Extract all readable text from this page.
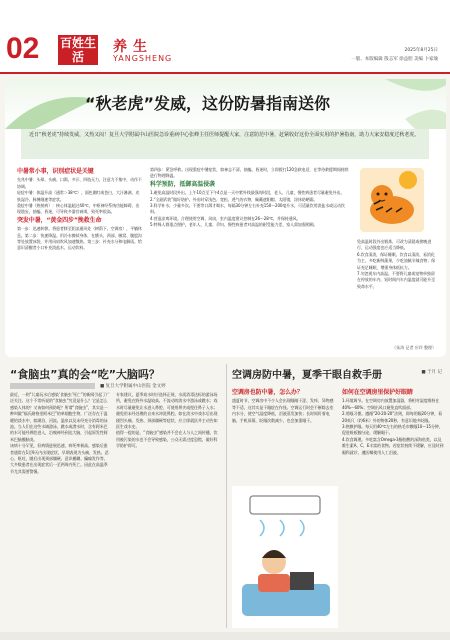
02 百姓生活
养生
YANGSHENG
2025年8月25日
一版、本版编辑 殷志军 徐益胆 美编 卜家瑜
“秋老虎”发威，这份防暑指南送你
近日“秋老虎”持续发威，又热又闷！复旦大学附属中山医院急诊重病中心张峰主任医师提醒大家，注意防范中暑，赶紧收好这份全面实用的护暑指南，助力大家安稳度过秋老虎。
中暑常小事，识别症状是关键

先兆中暑：头晕、头痛、口渴、多汗、四肢无力，注意力不集中，动作不协调。

轻症中暑：体温升高（通常＞38℃），面色潮红或苍白，大汗淋漓、皮肤湿冷、脉搏细速等症状。

重症中暑（热射病）：核心体温超过40℃，中枢神经系统功能障碍，出现谵妄、抽搐、昏迷，可导致多器官衰竭，致死率很高。

突发中暑，“黄金四步”挽救生命

第一步：迅速转移。将患者移至阴凉通风处（树荫下、空调房），平躺休息。第二步：快速降温。用冷水擦拭身体，在额头、颈部、腋窝、腹股沟等处放置冰袋，并用风扇吹风加速散热。第三步：补充水分和电解质。给意识清醒者小口补充淡盐水、运动饮料。

第四步：紧急呼救。出现重症中暑症状，如神志不清、抽搐、昏迷时，立即拨打120急救电话，在等待救援期间持续进行物理降温。

科学预防，抵御高温侵袭

1.避免高温时段外出。上午10点至下午4点是一天中紫外线最强的时段，老人、儿童、慢性病患者尽量避免外出。

2.“全副武装”做好防护。外出时穿浅色、宽松、透气的衣物，佩戴遮阳帽、太阳镜，涂抹防晒霜。

3.科学补水，少量多次。不要等口渴才喝水，每隔30分钟左右补充150～200毫升水，可适量饮用淡盐水或运动饮料。

4.营造凉爽环境。合理使用空调、风扇，室内温度建议控制在26～28℃，并保持通风。

5.特殊人群重点照护。老年人、儿童、孕妇、慢性病患者对高温的耐受能力差，家人需加强照顾。

免高温时段外出锻炼，可改为清晨或傍晚进行，运动强度也应适当降低。

6.饮食清淡，保证睡眠。饮食以清淡、易消化为主，多吃新鲜蔬果，少吃油腻辛辣食物；保证充足睡眠，增强身体抵抗力。

7.勿忽视车内高温。不要将儿童或宠物单独留在停放的车内，短时间内车内温度就可能升至致命水平。

（朱涛 记者 应玲 整理）
“食脑虫”真的会“吃”大脑吗？
■ 复旦大学附属中山医院 金文婷

最近，一则“儿童玩水后感染‘食脑虫’死亡”的新闻引起了广泛关注。这个不常听说的“食脑虫”究竟是什么？它是怎么感染人体的？又该如何预防呢？所谓“食脑虫”，其实是一种叫做“福氏耐格里阿米巴”的单细胞生物，广泛存在于温暖的淡水中，如湖泊、河流、温泉以及未经充分消毒的泳池。当人们在这些水域游泳、跳水或潜水时，含有阿米巴的水可能经鼻腔进入，沿嗅神经到达大脑，引起原发性阿米巴脑膜脑炎。

该病十分罕见，但病情进展迅速、病死率极高。感染后患者通常在1至9天内出现症状，早期表现为头痛、发热、恶心、呕吐，随后出现颈部僵硬、意识模糊、癫痫发作等，大多数患者在出现症状后一至两周内死亡。因此在高温季节尤其需要警惕。

专家建议，夏季戏水时应选择正规、水质消毒达标的游泳场所，避免在野外水温较高、不流动的淡水中游泳或跳水；戏水时尽量避免让水进入鼻腔，可使用鼻夹或捏住鼻子入水；避免用未经处理的自来水冲洗鼻腔。如在淡水中戏水后出现剧烈头痛、发热、颈部僵硬等症状，应立即就医并主动告知医生戏水史。

值得一提的是，“食脑虫”感染并不会在人与人之间传播，饮用被污染的水也不会导致感染，公众无需过度恐慌，做好科学防护即可。

空调房防中暑，夏季干眼自救手册	■ 于月 记
空调房也防中暑，怎么办？

盛夏时节，空调房中不少人会出现眼睛干涩、发痒、异物感等不适，这其实是干眼症在作怪。空调运行时会不断除去室内水分，使空气湿度降低，泪液蒸发加快；长时间盯着电脑、手机屏幕，眨眼次数减少，也会加重眼干。

如何在空调房里保护好眼睛

1.环境调节。在空调房内放置加湿器，将相对湿度维持在40%～60%；空调出风口避免直吹面部。

2.用眼习惯。遵循“20-20-20”法则，即每用眼20分钟，看20英尺（约6米）外的物体20秒，有意识地多眨眼。

3.热敷护眼。每天用40℃左右的热毛巾敷眼10～15分钟，促进睑板腺分泌，缓解眼干。

4.饮食调理。多吃富含Omega-3脂肪酸的深海鱼类，以及维生素A、C、E丰富的食物。若症状持续不缓解，应及时到眼科就诊，遵医嘱使用人工泪液。
